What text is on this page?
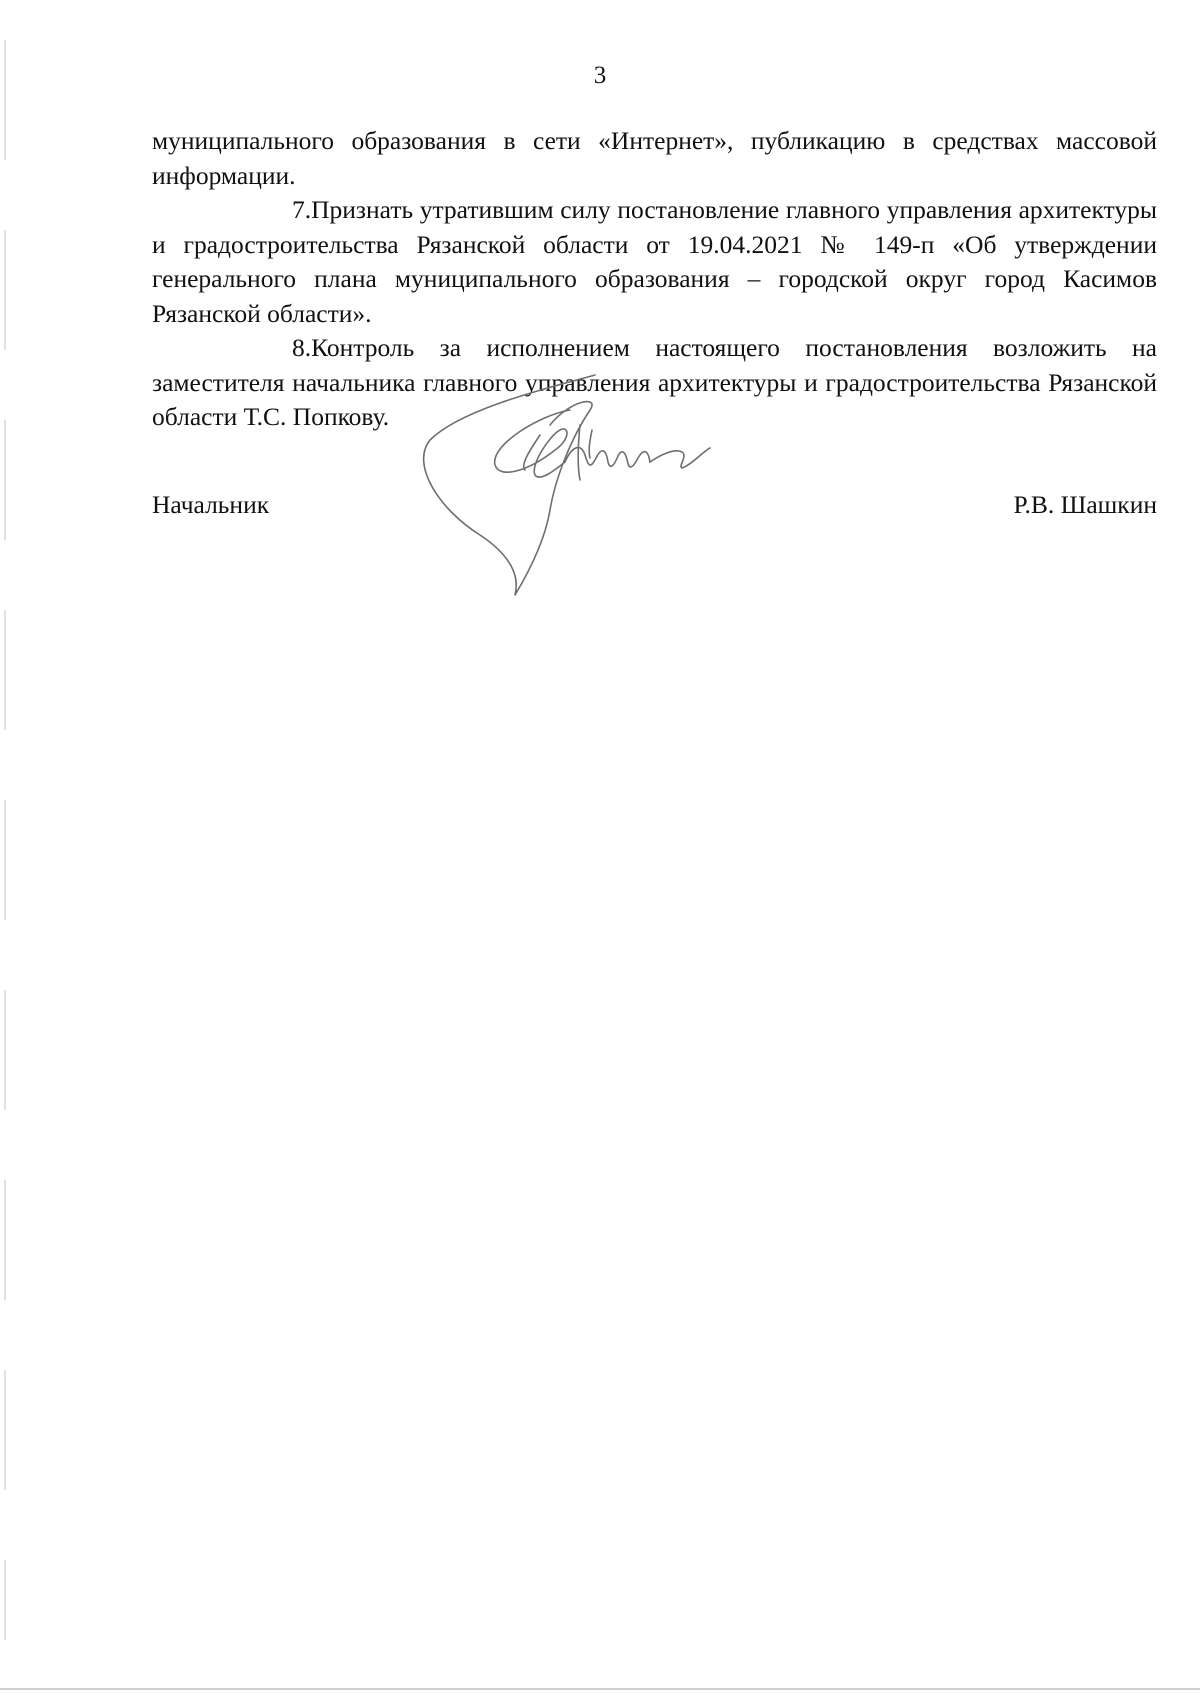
3

муниципального образования в сети «Интернет», публикацию в средствах массовой информации.

7.Признать утратившим силу постановление главного управления архитектуры и градостроительства Рязанской области от 19.04.2021 № 149-п «Об утверждении генерального плана муниципального образования – городской округ город Касимов Рязанской области».

8.Контроль за исполнением настоящего постановления возложить на заместителя начальника главного управления архитектуры и градостроительства Рязанской области Т.С. Попкову.

Начальник	Р.В. Шашкин
